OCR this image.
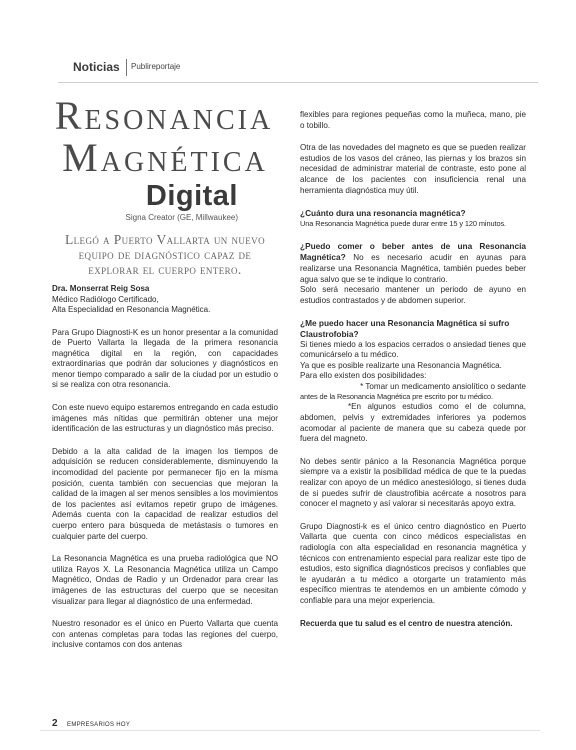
Noticias Publireportaje
Resonancia
Magnética
Digital
Signa Creator (GE, Millwaukee)
Llegó a Puerto Vallarta un nuevo equipo de diagnóstico capaz de explorar el cuerpo entero.
Dra. Monserrat Reig Sosa
Médico Radiólogo Certificado,
Alta Especialidad en Resonancia Magnética.

Para Grupo Diagnosti-K es un honor presentar a la comunidad de Puerto Vallarta la llegada de la primera resonancia magnética digital en la región, con capacidades extraordinarias que podrán dar soluciones y diagnósticos en menor tiempo comparado a salir de la ciudad por un estudio o si se realiza con otra resonancia.

Con este nuevo equipo estaremos entregando en cada estudio imágenes más nítidas que permitirán obtener una mejor identificación de las estructuras y un diagnóstico más preciso.

Debido a la alta calidad de la imagen los tiempos de adquisición se reducen considerablemente, disminuyendo la incomodidad del paciente por permanecer fijo en la misma posición, cuenta también con secuencias que mejoran la calidad de la imagen al ser menos sensibles a los movimientos de los pacientes así evitamos repetir grupo de imágenes. Además cuenta con la capacidad de realizar estudios del cuerpo entero para búsqueda de metástasis o tumores en cualquier parte del cuerpo.

La Resonancia Magnética es una prueba radiológica que NO utiliza Rayos X. La Resonancia Magnética utiliza un Campo Magnético, Ondas de Radio y un Ordenador para crear las imágenes de las estructuras del cuerpo que se necesitan visualizar para llegar al diagnóstico de una enfermedad.

Nuestro resonador es el único en Puerto Vallarta que cuenta con antenas completas para todas las regiones del cuerpo, inclusive contamos con dos antenas

flexibles para regiones pequeñas como la muñeca, mano, pie o tobillo.

Otra de las novedades del magneto es que se pueden realizar estudios de los vasos del cráneo, las piernas y los brazos sin necesidad de administrar material de contraste, esto pone al alcance de los pacientes con insuficiencia renal una herramienta diagnóstica muy útil.

¿Cuánto dura una resonancia magnética?
Una Resonancia Magnética puede durar entre 15 y 120 minutos.

¿Puedo comer o beber antes de una Resonancia Magnética? No es necesario acudir en ayunas para realizarse una Resonancia Magnética, también puedes beber agua salvo que se te indique lo contrario.

Solo será necesario mantener un periodo de ayuno en estudios contrastados y de abdomen superior.

¿Me puedo hacer una Resonancia Magnética si sufro Claustrofobia?

Si tienes miedo a los espacios cerrados o ansiedad tienes que comunicárselo a tu médico.

Ya que es posible realizarte una Resonancia Magnética.

Para ello existen dos posibilidades:

* Tomar un medicamento ansiolítico o sedante

antes de la Resonancia Magnética pre escrito por tu médico.

*En algunos estudios como el de columna, abdomen, pelvis y extremidades inferiores ya podemos acomodar al paciente de manera que su cabeza quede por fuera del magneto.

No debes sentir pánico a la Resonancia Magnética porque siempre va a existir la posibilidad médica de que te la puedas realizar con apoyo de un médico anestesiólogo, si tienes duda de si puedes sufrir de claustrofibia acércate a nosotros para conocer el magneto y así valorar si necesitarás apoyo extra.

Grupo Diagnosti-k es el único centro diagnóstico en Puerto Vallarta que cuenta con cinco médicos especialistas en radiología con alta especialidad en resonancia magnética y técnicos con entrenamiento especial para realizar este tipo de estudios, esto significa diagnósticos precisos y confiables que le ayudarán a tu médico a otorgarte un tratamiento más específico mientras te atendemos en un ambiente cómodo y confiable para una mejor experiencia.

Recuerda que tu salud es el centro de nuestra atención.

2 EMPRESARIOS HOY
